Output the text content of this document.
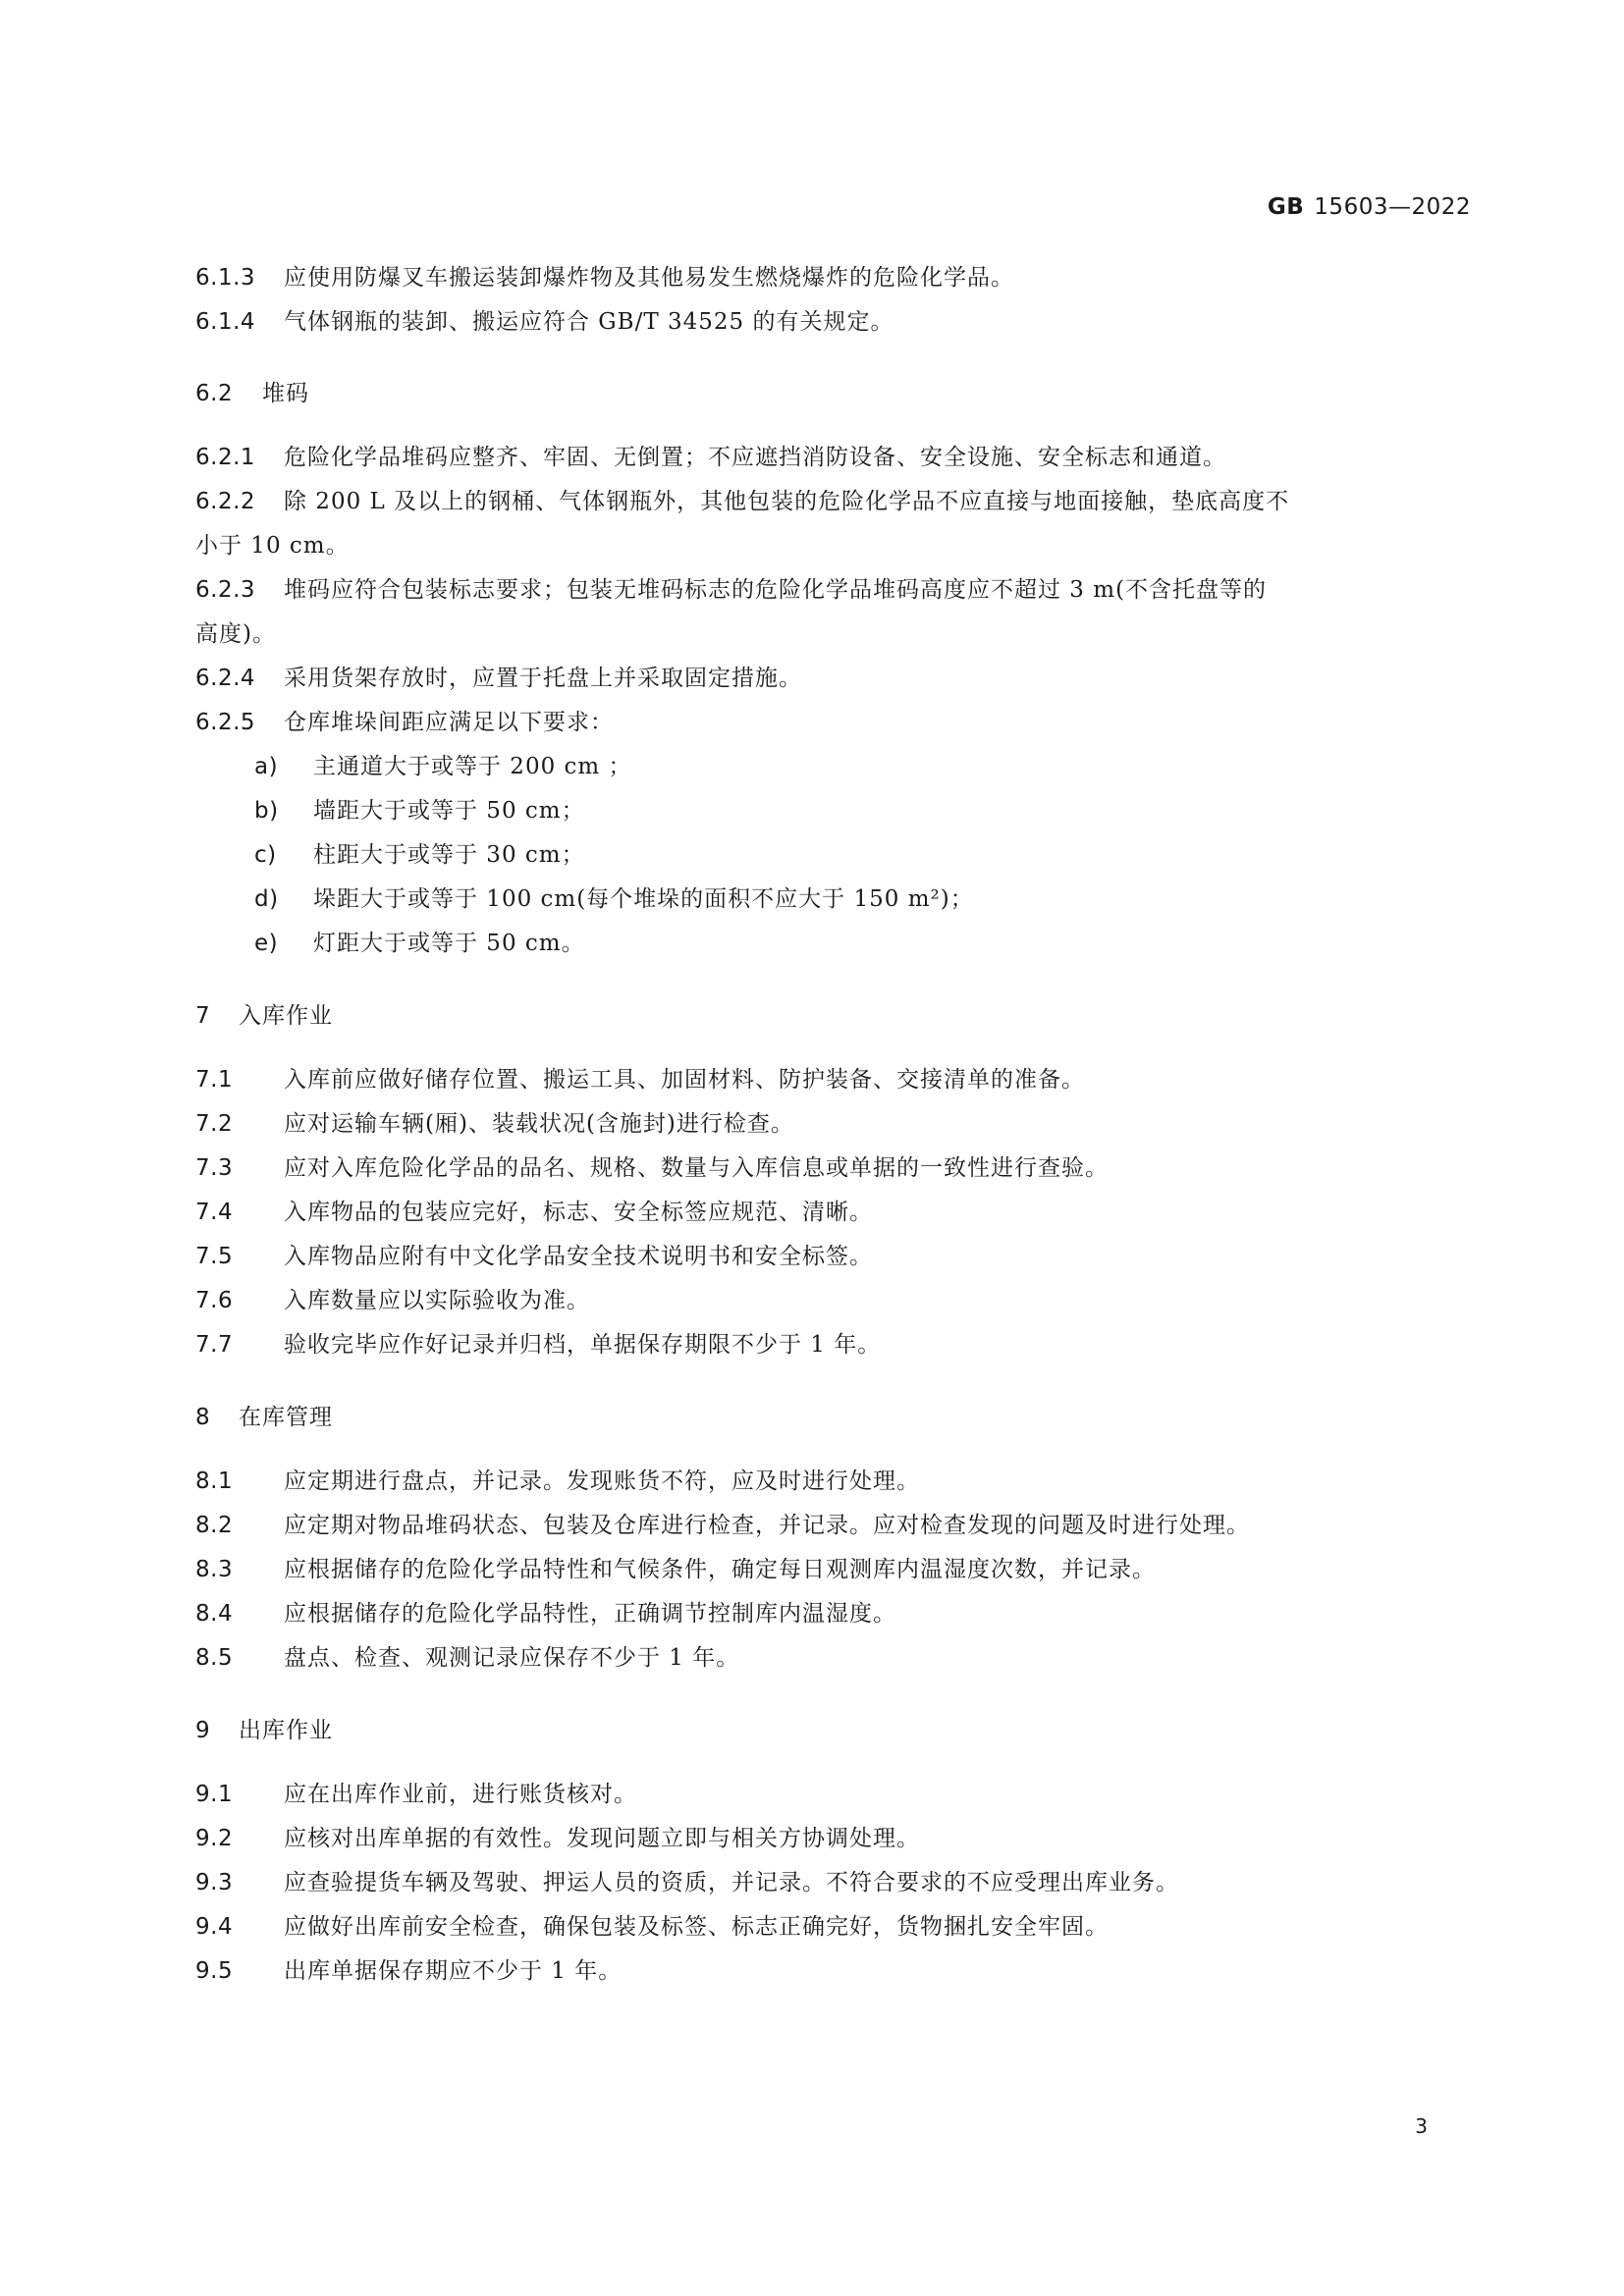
GB 15603—2022
6.1.3 应使用防爆叉车搬运装卸爆炸物及其他易发生燃烧爆炸的危险化学品。
6.1.4 气体钢瓶的装卸、搬运应符合 GB/T 34525 的有关规定。
6.2 堆码
6.2.1 危险化学品堆码应整齐、牢固、无倒置；不应遮挡消防设备、安全设施、安全标志和通道。
6.2.2 除 200 L 及以上的钢桶、气体钢瓶外，其他包装的危险化学品不应直接与地面接触，垫底高度不
小于 10 cm。
6.2.3 堆码应符合包装标志要求；包装无堆码标志的危险化学品堆码高度应不超过 3 m(不含托盘等的
高度)。
6.2.4 采用货架存放时，应置于托盘上并采取固定措施。
6.2.5 仓库堆垛间距应满足以下要求：
a) 主通道大于或等于 200 cm ；
b) 墙距大于或等于 50 cm；
c) 柱距大于或等于 30 cm；
d) 垛距大于或等于 100 cm(每个堆垛的面积不应大于 150 m²)；
e) 灯距大于或等于 50 cm。
7 入库作业
7.1 入库前应做好储存位置、搬运工具、加固材料、防护装备、交接清单的准备。
7.2 应对运输车辆(厢)、装载状况(含施封)进行检查。
7.3 应对入库危险化学品的品名、规格、数量与入库信息或单据的一致性进行查验。
7.4 入库物品的包装应完好，标志、安全标签应规范、清晰。
7.5 入库物品应附有中文化学品安全技术说明书和安全标签。
7.6 入库数量应以实际验收为准。
7.7 验收完毕应作好记录并归档，单据保存期限不少于 1 年。
8 在库管理
8.1 应定期进行盘点，并记录。发现账货不符，应及时进行处理。
8.2 应定期对物品堆码状态、包装及仓库进行检查，并记录。应对检查发现的问题及时进行处理。
8.3 应根据储存的危险化学品特性和气候条件，确定每日观测库内温湿度次数，并记录。
8.4 应根据储存的危险化学品特性，正确调节控制库内温湿度。
8.5 盘点、检查、观测记录应保存不少于 1 年。
9 出库作业
9.1 应在出库作业前，进行账货核对。
9.2 应核对出库单据的有效性。发现问题立即与相关方协调处理。
9.3 应查验提货车辆及驾驶、押运人员的资质，并记录。不符合要求的不应受理出库业务。
9.4 应做好出库前安全检查，确保包装及标签、标志正确完好，货物捆扎安全牢固。
9.5 出库单据保存期应不少于 1 年。
3
